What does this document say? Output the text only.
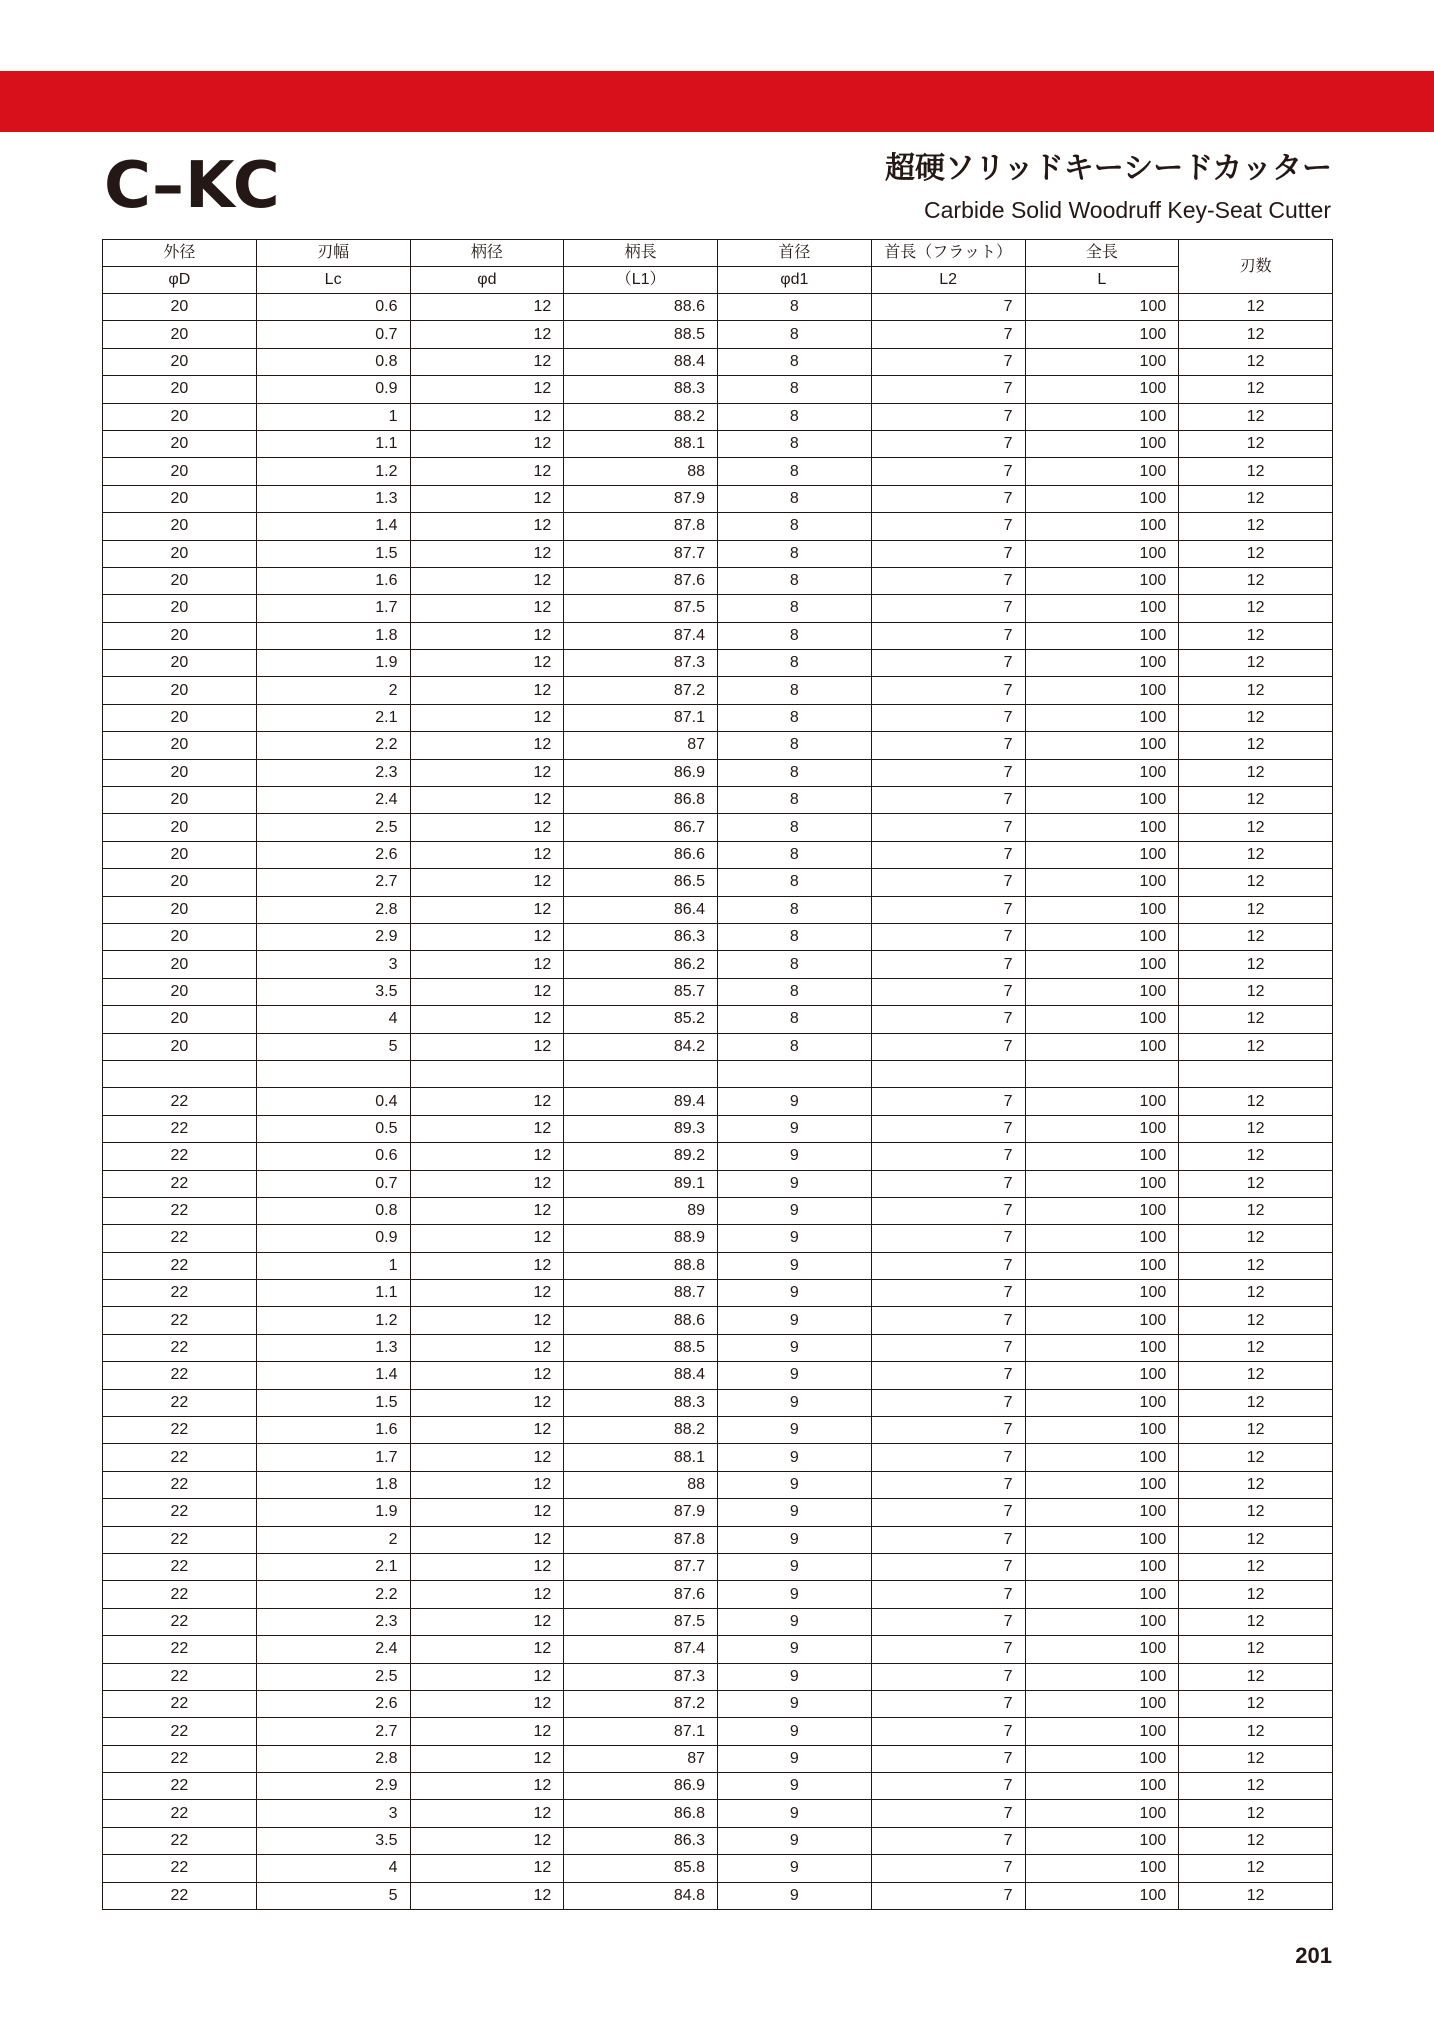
C–KC	超硬ソリッドキーシードカッター
Carbide Solid Woodruff Key-Seat Cutter
外径	刃幅	柄径	柄長	首径	首長（フラット）	全長	刃数
φD	Lc	φd	（L1）	φd1	L2	L	
20	0.6	12	88.6	8	7	100	12
20	0.7	12	88.5	8	7	100	12
20	0.8	12	88.4	8	7	100	12
20	0.9	12	88.3	8	7	100	12
20	1	12	88.2	8	7	100	12
20	1.1	12	88.1	8	7	100	12
20	1.2	12	88	8	7	100	12
20	1.3	12	87.9	8	7	100	12
20	1.4	12	87.8	8	7	100	12
20	1.5	12	87.7	8	7	100	12
20	1.6	12	87.6	8	7	100	12
20	1.7	12	87.5	8	7	100	12
20	1.8	12	87.4	8	7	100	12
20	1.9	12	87.3	8	7	100	12
20	2	12	87.2	8	7	100	12
20	2.1	12	87.1	8	7	100	12
20	2.2	12	87	8	7	100	12
20	2.3	12	86.9	8	7	100	12
20	2.4	12	86.8	8	7	100	12
20	2.5	12	86.7	8	7	100	12
20	2.6	12	86.6	8	7	100	12
20	2.7	12	86.5	8	7	100	12
20	2.8	12	86.4	8	7	100	12
20	2.9	12	86.3	8	7	100	12
20	3	12	86.2	8	7	100	12
20	3.5	12	85.7	8	7	100	12
20	4	12	85.2	8	7	100	12
20	5	12	84.2	8	7	100	12

22	0.4	12	89.4	9	7	100	12
22	0.5	12	89.3	9	7	100	12
22	0.6	12	89.2	9	7	100	12
22	0.7	12	89.1	9	7	100	12
22	0.8	12	89	9	7	100	12
22	0.9	12	88.9	9	7	100	12
22	1	12	88.8	9	7	100	12
22	1.1	12	88.7	9	7	100	12
22	1.2	12	88.6	9	7	100	12
22	1.3	12	88.5	9	7	100	12
22	1.4	12	88.4	9	7	100	12
22	1.5	12	88.3	9	7	100	12
22	1.6	12	88.2	9	7	100	12
22	1.7	12	88.1	9	7	100	12
22	1.8	12	88	9	7	100	12
22	1.9	12	87.9	9	7	100	12
22	2	12	87.8	9	7	100	12
22	2.1	12	87.7	9	7	100	12
22	2.2	12	87.6	9	7	100	12
22	2.3	12	87.5	9	7	100	12
22	2.4	12	87.4	9	7	100	12
22	2.5	12	87.3	9	7	100	12
22	2.6	12	87.2	9	7	100	12
22	2.7	12	87.1	9	7	100	12
22	2.8	12	87	9	7	100	12
22	2.9	12	86.9	9	7	100	12
22	3	12	86.8	9	7	100	12
22	3.5	12	86.3	9	7	100	12
22	4	12	85.8	9	7	100	12
22	5	12	84.8	9	7	100	12
201
